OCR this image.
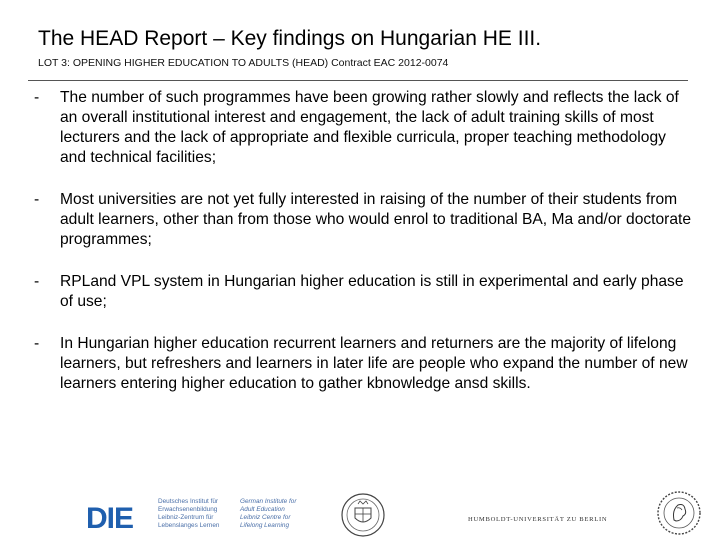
The HEAD Report – Key findings on Hungarian HE III.
LOT 3: OPENING HIGHER EDUCATION TO ADULTS (HEAD) Contract EAC 2012-0074
-	The number of such programmes have been growing rather slowly and reflects the lack of an overall institutional interest and engagement, the lack of adult training skills of most lecturers and the lack of appropriate and flexible curricula, proper teaching methodology and technical facilities;
-	Most universities are not yet fully interested in raising of the number of their students from adult learners, other than from those who would enrol to traditional BA, Ma and/or doctorate programmes;
-	RPLand VPL system in Hungarian higher education is still in experimental and early phase of use;
-	In Hungarian higher education recurrent learners and returners are the majority of lifelong learners, but refreshers and learners in later life are people who expand the number of new learners entering higher education to gather kbnowledge ansd skills.
DIE
Deutsches Institut für
Erwachsenenbildung
Leibniz-Zentrum für
Lebenslanges Lernen
German Institute for
Adult Education
Leibniz Centre for
Lifelong Learning
HUMBOLDT-UNIVERSITÄT ZU BERLIN
